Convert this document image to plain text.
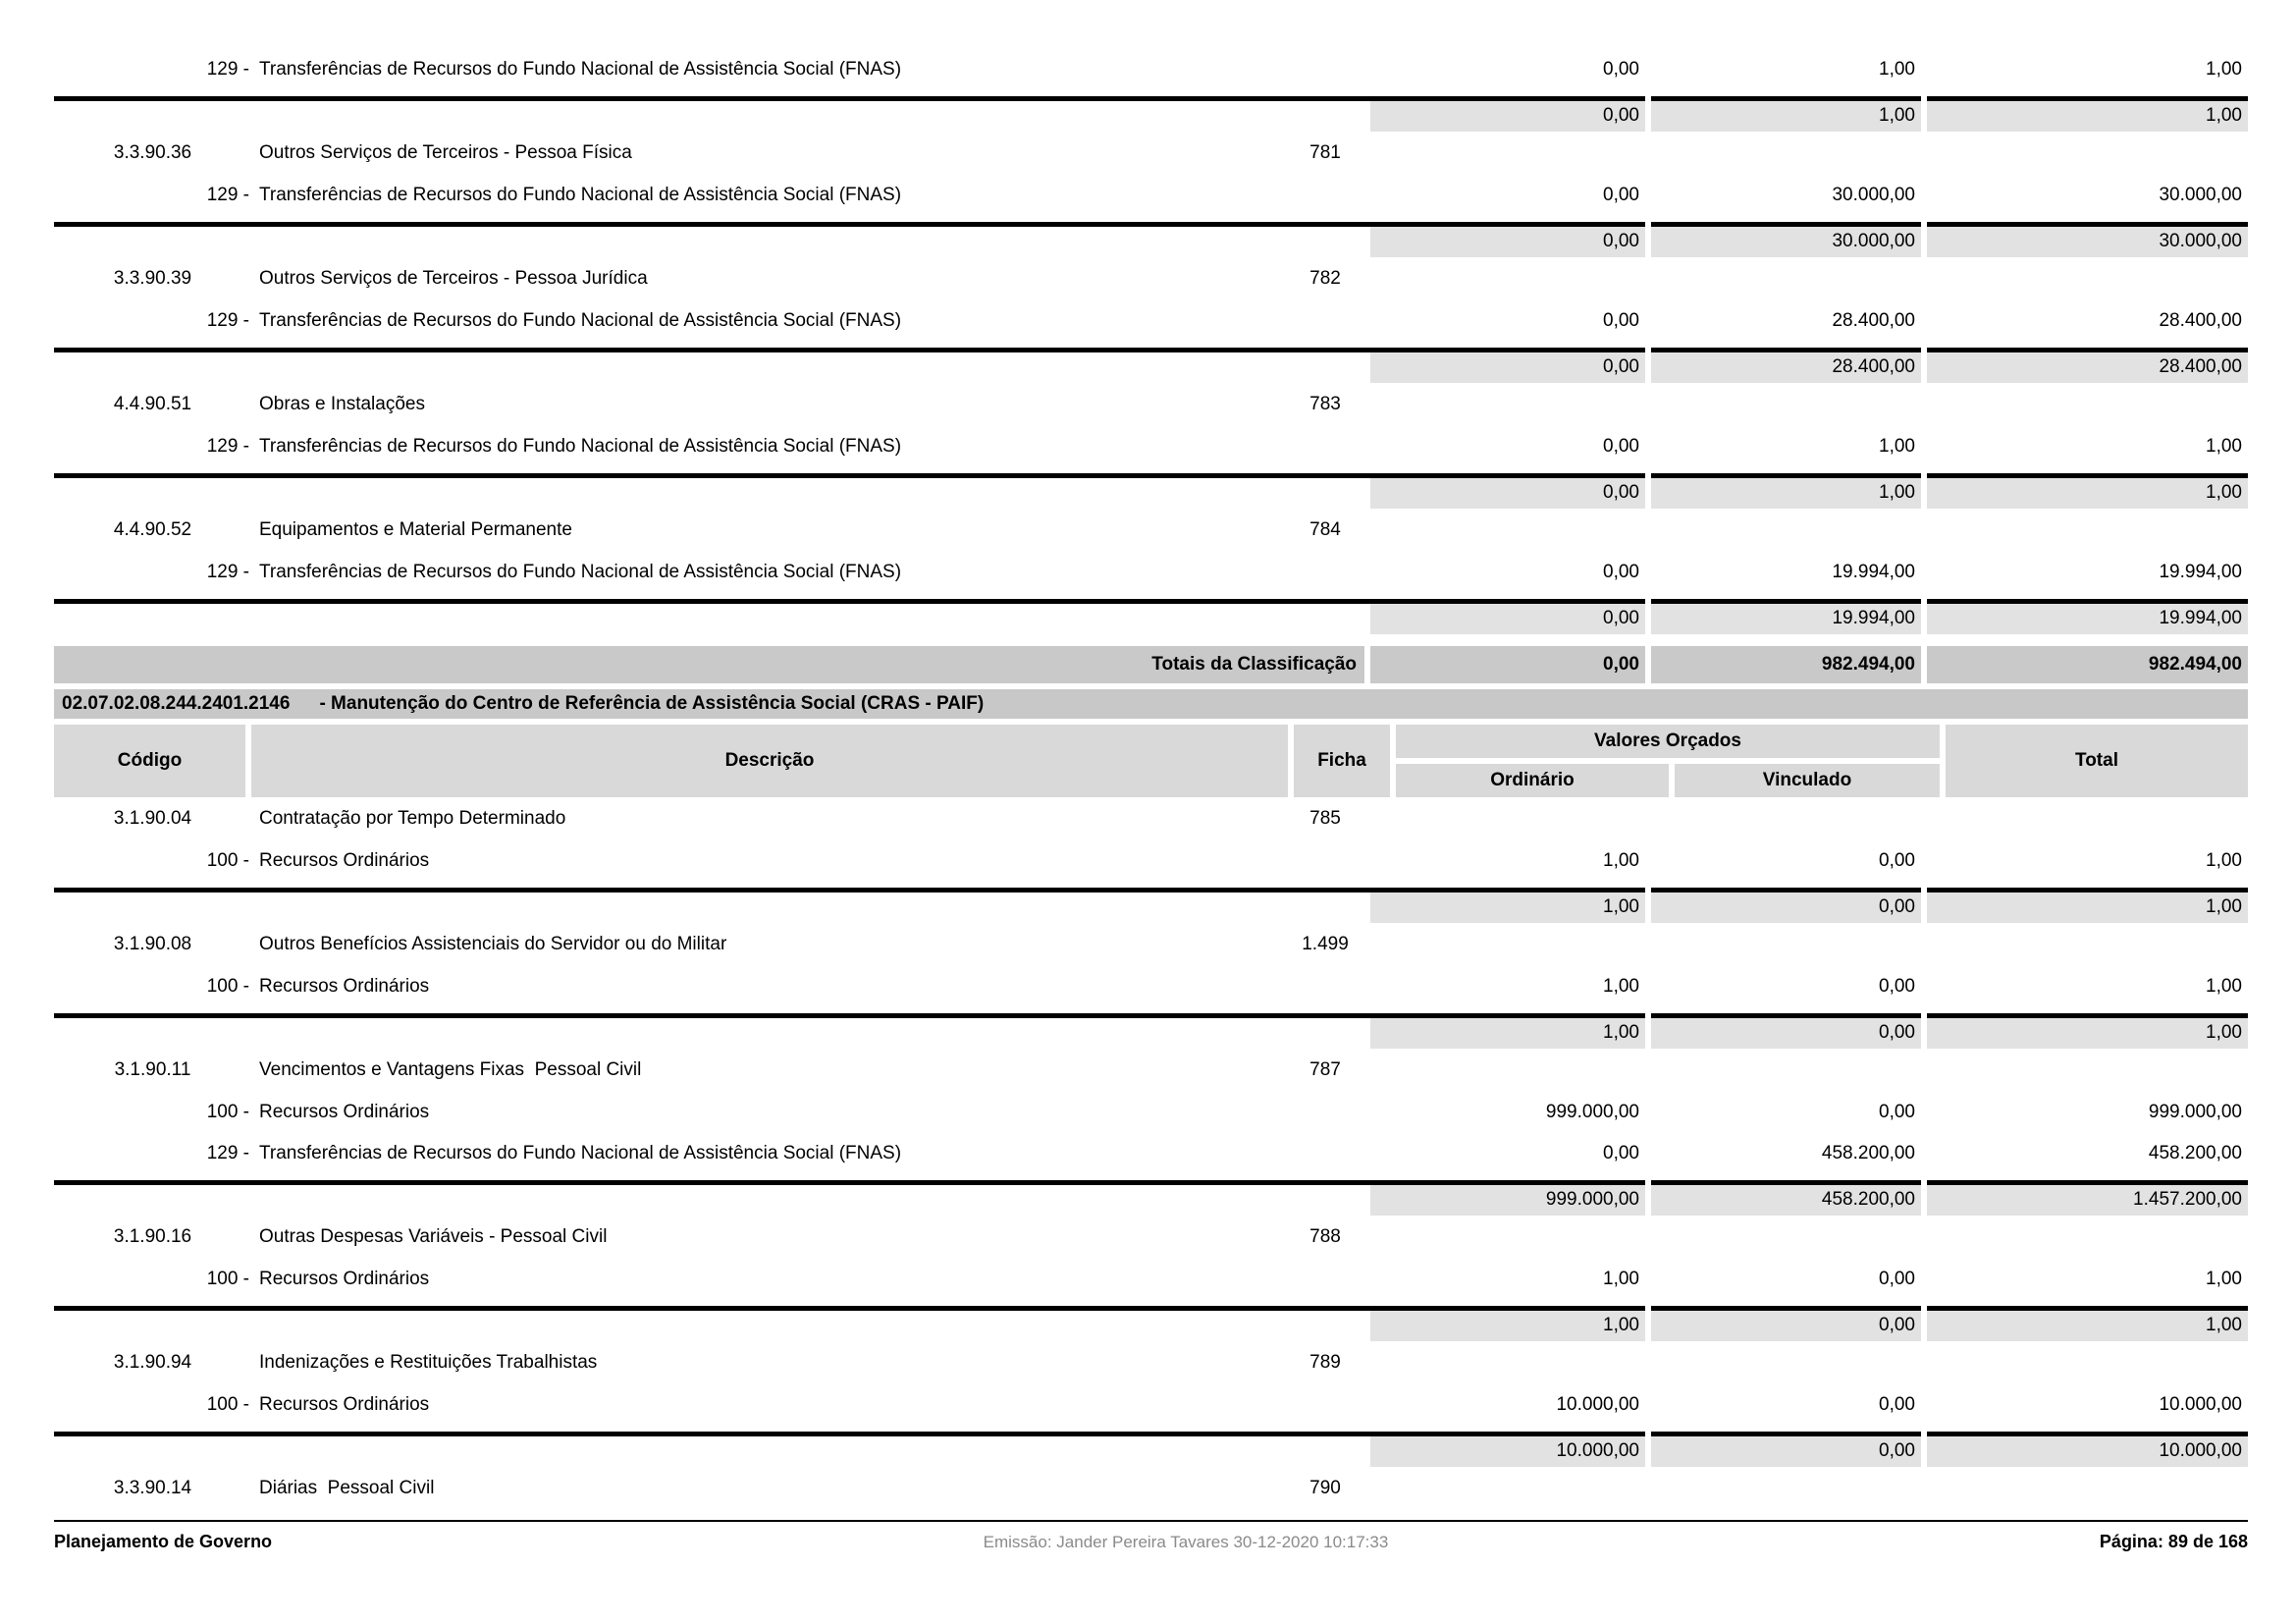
129 - Transferências de Recursos do Fundo Nacional de Assistência Social (FNAS)	0,00	1,00	1,00
0,00	1,00	1,00
3.3.90.36	Outros Serviços de Terceiros - Pessoa Física	781
129 - Transferências de Recursos do Fundo Nacional de Assistência Social (FNAS)	0,00	30.000,00	30.000,00
0,00	30.000,00	30.000,00
3.3.90.39	Outros Serviços de Terceiros - Pessoa Jurídica	782
129 - Transferências de Recursos do Fundo Nacional de Assistência Social (FNAS)	0,00	28.400,00	28.400,00
0,00	28.400,00	28.400,00
4.4.90.51	Obras e Instalações	783
129 - Transferências de Recursos do Fundo Nacional de Assistência Social (FNAS)	0,00	1,00	1,00
0,00	1,00	1,00
4.4.90.52	Equipamentos e Material Permanente	784
129 - Transferências de Recursos do Fundo Nacional de Assistência Social (FNAS)	0,00	19.994,00	19.994,00
0,00	19.994,00	19.994,00
Totais da Classificação	0,00	982.494,00	982.494,00
02.07.02.08.244.2401.2146 - Manutenção do Centro de Referência de Assistência Social (CRAS - PAIF)
Código	Descrição	Ficha
Valores Orçados
Ordinário	Vinculado
Total
3.1.90.04	Contratação por Tempo Determinado	785
100 - Recursos Ordinários	1,00	0,00	1,00
1,00	0,00	1,00
3.1.90.08	Outros Benefícios Assistenciais do Servidor ou do Militar	1.499
100 - Recursos Ordinários	1,00	0,00	1,00
1,00	0,00	1,00
3.1.90.11	Vencimentos e Vantagens Fixas  Pessoal Civil	787
100 - Recursos Ordinários	999.000,00	0,00	999.000,00
129 - Transferências de Recursos do Fundo Nacional de Assistência Social (FNAS)	0,00	458.200,00	458.200,00
999.000,00	458.200,00	1.457.200,00
3.1.90.16	Outras Despesas Variáveis - Pessoal Civil	788
100 - Recursos Ordinários	1,00	0,00	1,00
1,00	0,00	1,00
3.1.90.94	Indenizações e Restituições Trabalhistas	789
100 - Recursos Ordinários	10.000,00	0,00	10.000,00
10.000,00	0,00	10.000,00
3.3.90.14	Diárias  Pessoal Civil	790
Planejamento de Governo	Emissão: Jander Pereira Tavares 30-12-2020 10:17:33	Página: 89 de 168
